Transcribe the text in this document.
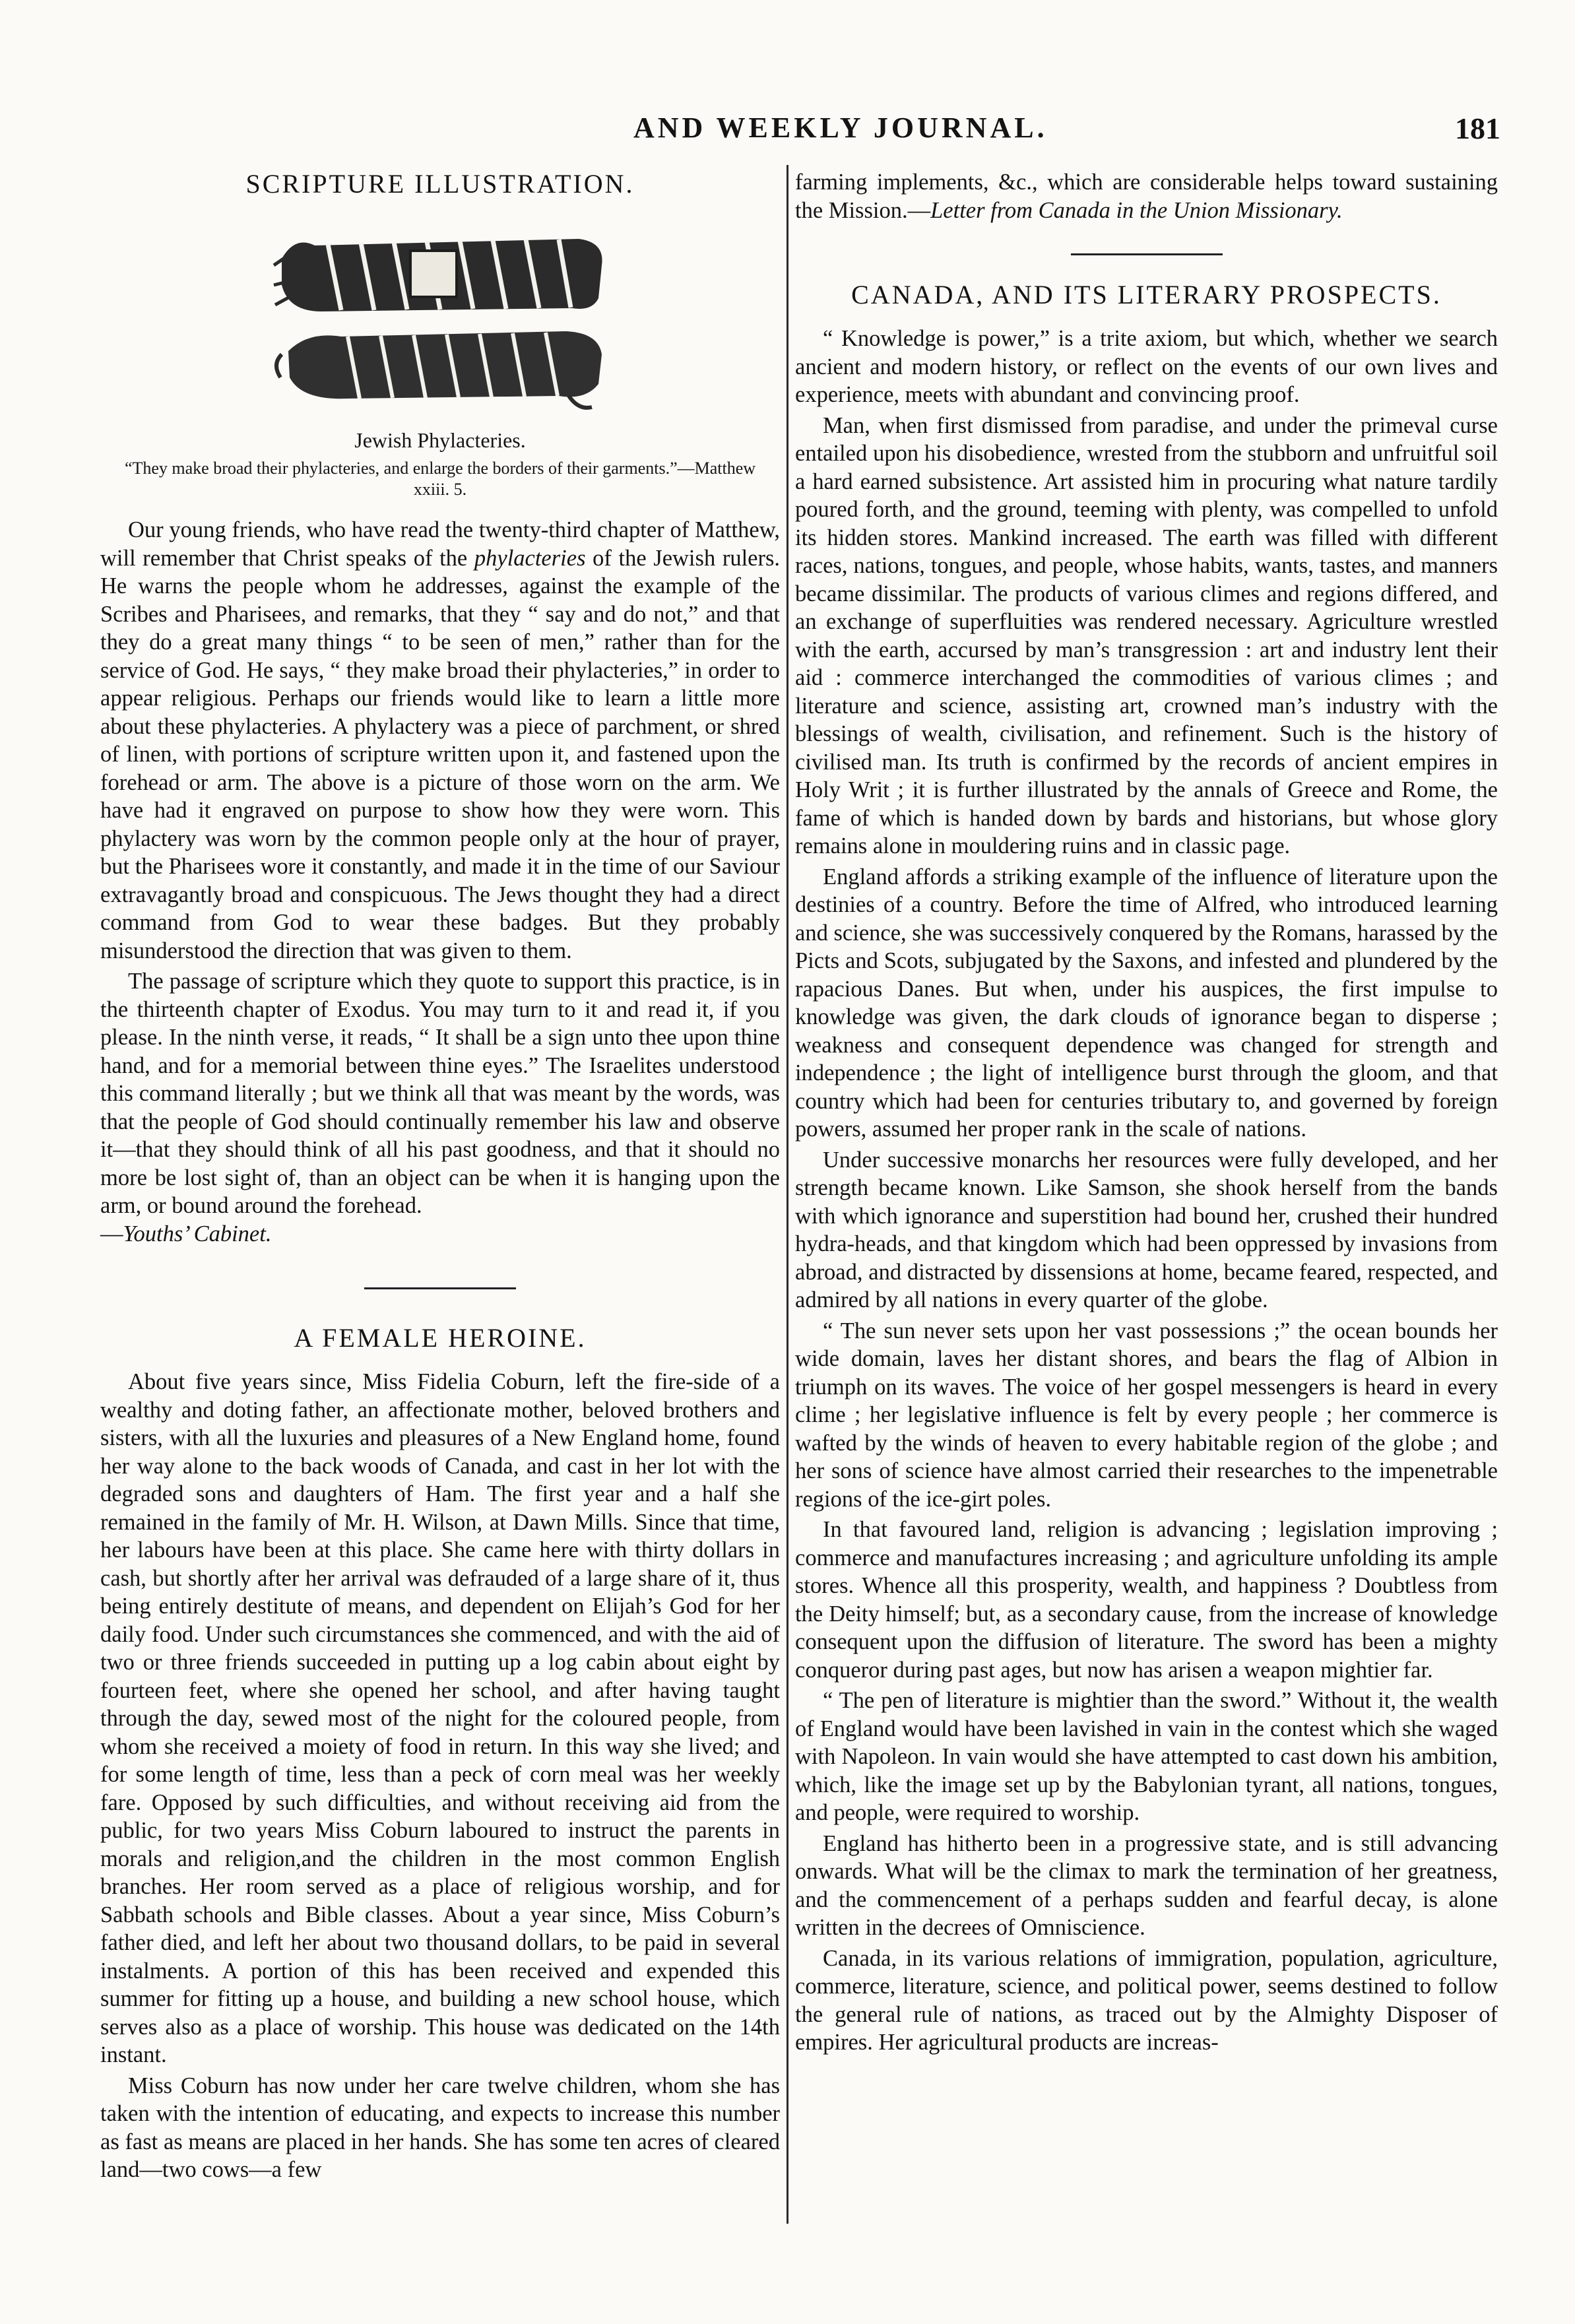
AND WEEKLY JOURNAL.	181
SCRIPTURE ILLUSTRATION.
Jewish Phylacteries.
“They make broad their phylacteries, and enlarge the borders of their garments.”—Matthew xxiii. 5.

Our young friends, who have read the twenty-third chapter of Matthew, will remember that Christ speaks of the phylacteries of the Jewish rulers. He warns the people whom he addresses, against the example of the Scribes and Pharisees, and remarks, that they “ say and do not,” and that they do a great many things “ to be seen of men,” rather than for the service of God. He says, “ they make broad their phylacteries,” in order to appear religious. Perhaps our friends would like to learn a little more about these phylacteries. A phylactery was a piece of parchment, or shred of linen, with portions of scripture written upon it, and fastened upon the forehead or arm. The above is a picture of those worn on the arm. We have had it engraved on purpose to show how they were worn. This phylactery was worn by the common people only at the hour of prayer, but the Pharisees wore it constantly, and made it in the time of our Saviour extravagantly broad and conspicuous. The Jews thought they had a direct command from God to wear these badges. But they probably misunderstood the direction that was given to them.

The passage of scripture which they quote to support this practice, is in the thirteenth chapter of Exodus. You may turn to it and read it, if you please. In the ninth verse, it reads, “ It shall be a sign unto thee upon thine hand, and for a memorial between thine eyes.” The Israelites understood this command literally ; but we think all that was meant by the words, was that the people of God should continually remember his law and observe it—that they should think of all his past goodness, and that it should no more be lost sight of, than an object can be when it is hanging upon the arm, or bound around the forehead.
—Youths’ Cabinet.

A FEMALE HEROINE.

About five years since, Miss Fidelia Coburn, left the fire-side of a wealthy and doting father, an affectionate mother, beloved brothers and sisters, with all the luxuries and pleasures of a New England home, found her way alone to the back woods of Canada, and cast in her lot with the degraded sons and daughters of Ham. The first year and a half she remained in the family of Mr. H. Wilson, at Dawn Mills. Since that time, her labours have been at this place. She came here with thirty dollars in cash, but shortly after her arrival was defrauded of a large share of it, thus being entirely destitute of means, and dependent on Elijah’s God for her daily food. Under such circumstances she commenced, and with the aid of two or three friends succeeded in putting up a log cabin about eight by fourteen feet, where she opened her school, and after having taught through the day, sewed most of the night for the coloured people, from whom she received a moiety of food in return. In this way she lived; and for some length of time, less than a peck of corn meal was her weekly fare. Opposed by such difficulties, and without receiving aid from the public, for two years Miss Coburn laboured to instruct the parents in morals and religion,and the children in the most common English branches. Her room served as a place of religious worship, and for Sabbath schools and Bible classes. About a year since, Miss Coburn’s father died, and left her about two thousand dollars, to be paid in several instalments. A portion of this has been received and expended this summer for fitting up a house, and building a new school house, which serves also as a place of worship. This house was dedicated on the 14th instant.

Miss Coburn has now under her care twelve children, whom she has taken with the intention of educating, and expects to increase this number as fast as means are placed in her hands. She has some ten acres of cleared land—two cows—a few

farming implements, &c., which are considerable helps toward sustaining the Mission.—Letter from Canada in the Union Missionary.

CANADA, AND ITS LITERARY PROSPECTS.

“ Knowledge is power,” is a trite axiom, but which, whether we search ancient and modern history, or reflect on the events of our own lives and experience, meets with abundant and convincing proof.

Man, when first dismissed from paradise, and under the primeval curse entailed upon his disobedience, wrested from the stubborn and unfruitful soil a hard earned subsistence. Art assisted him in procuring what nature tardily poured forth, and the ground, teeming with plenty, was compelled to unfold its hidden stores. Mankind increased. The earth was filled with different races, nations, tongues, and people, whose habits, wants, tastes, and manners became dissimilar. The products of various climes and regions differed, and an exchange of superfluities was rendered necessary. Agriculture wrestled with the earth, accursed by man’s transgression : art and industry lent their aid : commerce interchanged the commodities of various climes ; and literature and science, assisting art, crowned man’s industry with the blessings of wealth, civilisation, and refinement. Such is the history of civilised man. Its truth is confirmed by the records of ancient empires in Holy Writ ; it is further illustrated by the annals of Greece and Rome, the fame of which is handed down by bards and historians, but whose glory remains alone in mouldering ruins and in classic page.

England affords a striking example of the influence of literature upon the destinies of a country. Before the time of Alfred, who introduced learning and science, she was successively conquered by the Romans, harassed by the Picts and Scots, subjugated by the Saxons, and infested and plundered by the rapacious Danes. But when, under his auspices, the first impulse to knowledge was given, the dark clouds of ignorance began to disperse ; weakness and consequent dependence was changed for strength and independence ; the light of intelligence burst through the gloom, and that country which had been for centuries tributary to, and governed by foreign powers, assumed her proper rank in the scale of nations.

Under successive monarchs her resources were fully developed, and her strength became known. Like Samson, she shook herself from the bands with which ignorance and superstition had bound her, crushed their hundred hydra-heads, and that kingdom which had been oppressed by invasions from abroad, and distracted by dissensions at home, became feared, respected, and admired by all nations in every quarter of the globe.

“ The sun never sets upon her vast possessions ;” the ocean bounds her wide domain, laves her distant shores, and bears the flag of Albion in triumph on its waves. The voice of her gospel messengers is heard in every clime ; her legislative influence is felt by every people ; her commerce is wafted by the winds of heaven to every habitable region of the globe ; and her sons of science have almost carried their researches to the impenetrable regions of the ice-girt poles.

In that favoured land, religion is advancing ; legislation improving ; commerce and manufactures increasing ; and agriculture unfolding its ample stores. Whence all this prosperity, wealth, and happiness ? Doubtless from the Deity himself; but, as a secondary cause, from the increase of knowledge consequent upon the diffusion of literature. The sword has been a mighty conqueror during past ages, but now has arisen a weapon mightier far.

“ The pen of literature is mightier than the sword.” Without it, the wealth of England would have been lavished in vain in the contest which she waged with Napoleon. In vain would she have attempted to cast down his ambition, which, like the image set up by the Babylonian tyrant, all nations, tongues, and people, were required to worship.

England has hitherto been in a progressive state, and is still advancing onwards. What will be the climax to mark the termination of her greatness, and the commencement of a perhaps sudden and fearful decay, is alone written in the decrees of Omniscience.

Canada, in its various relations of immigration, population, agriculture, commerce, literature, science, and political power, seems destined to follow the general rule of nations, as traced out by the Almighty Disposer of empires. Her agricultural products are increas-
